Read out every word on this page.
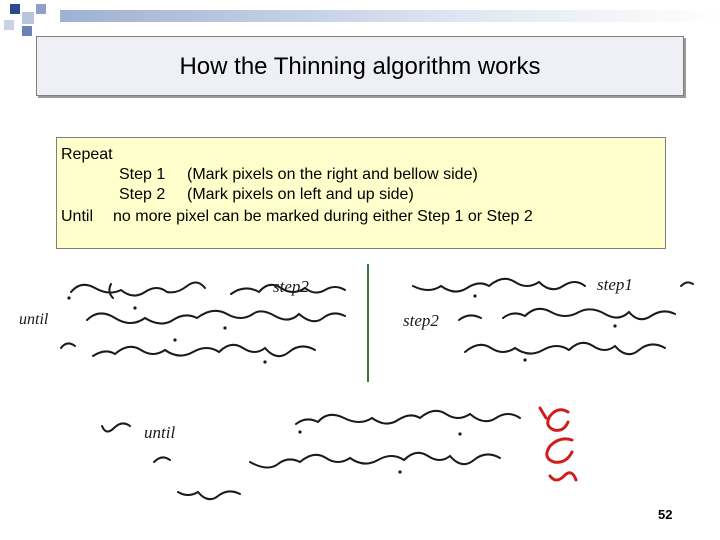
How the Thinning algorithm works
Repeat
Step 1 (Mark pixels on the right and bellow side)
Step 2 (Mark pixels on left and up side)
Until no more pixel can be marked during either Step 1 or Step 2
step2
until
step1
step2
until
52
